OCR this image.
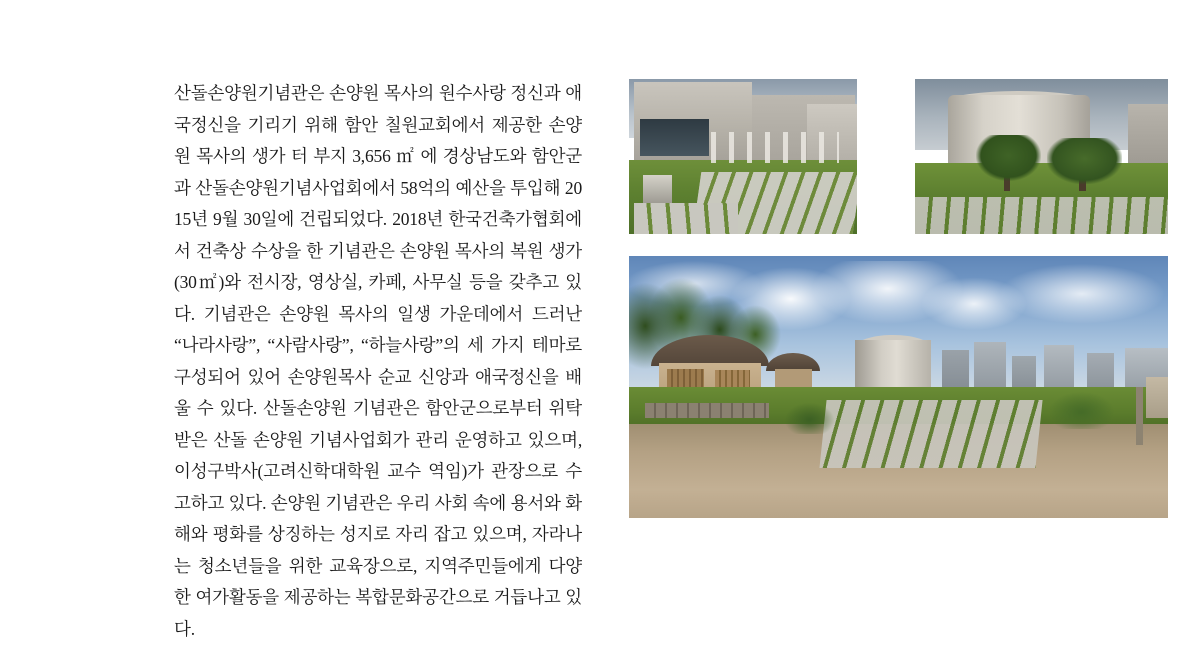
산돌손양원기념관은 손양원 목사의 원수사랑 정신과 애국정신을 기리기 위해 함안 칠원교회에서 제공한 손양원 목사의 생가 터 부지 3,656 ㎡ 에 경상남도와 함안군과 산돌손양원기념사업회에서 58억의 예산을 투입해 2015년 9월 30일에 건립되었다. 2018년 한국건축가협회에서 건축상 수상을 한 기념관은 손양원 목사의 복원 생가(30㎡)와 전시장, 영상실, 카페, 사무실 등을 갖추고 있다. 기념관은 손양원 목사의 일생 가운데에서 드러난 “나라사랑”, “사람사랑”, “하늘사랑”의 세 가지 테마로 구성되어 있어 손양원목사 순교 신앙과 애국정신을 배울 수 있다. 산돌손양원 기념관은 함안군으로부터 위탁받은 산돌 손양원 기념사업회가 관리 운영하고 있으며, 이성구박사(고려신학대학원 교수 역임)가 관장으로 수고하고 있다. 손양원 기념관은 우리 사회 속에 용서와 화해와 평화를 상징하는 성지로 자리 잡고 있으며, 자라나는 청소년들을 위한 교육장으로, 지역주민들에게 다양한 여가활동을 제공하는 복합문화공간으로 거듭나고 있다.
